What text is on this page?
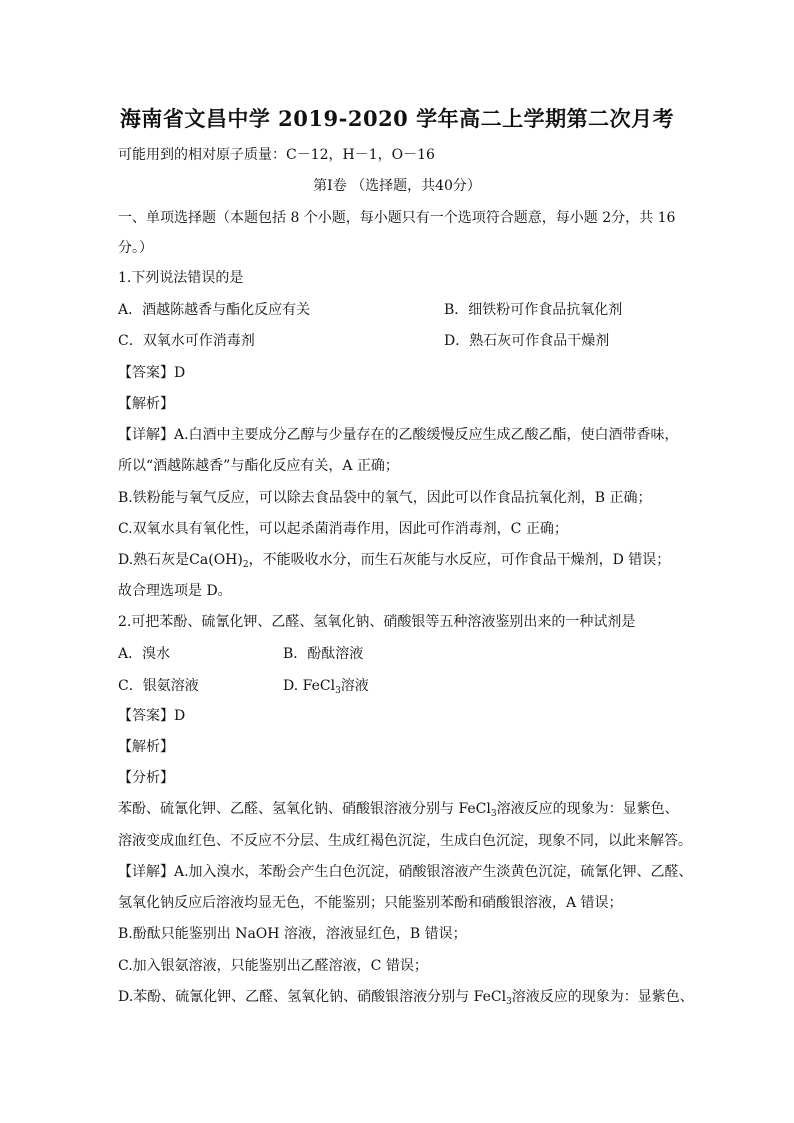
海南省文昌中学 2019-2020 学年高二上学期第二次月考
可能用到的相对原子质量：C－12，H－1，O－16
第Ⅰ卷 （选择题，共40分）
一、单项选择题（本题包括 8 个小题，每小题只有一个选项符合题意，每小题 2分，共 16
分。）
1.下列说法错误的是
A．酒越陈越香与酯化反应有关	B．细铁粉可作食品抗氧化剂
C．双氧水可作消毒剂	D．熟石灰可作食品干燥剂
【答案】D
【解析】
【详解】A.白酒中主要成分乙醇与少量存在的乙酸缓慢反应生成乙酸乙酯，使白酒带香味，
所以“酒越陈越香”与酯化反应有关，A 正确；
B.铁粉能与氧气反应，可以除去食品袋中的氧气，因此可以作食品抗氧化剂，B 正确；
C.双氧水具有氧化性，可以起杀菌消毒作用，因此可作消毒剂，C 正确；
D.熟石灰是$Ca(OH)_2$，不能吸收水分，而生石灰能与水反应，可作食品干燥剂，D 错误；
故合理选项是 D。
2.可把苯酚、硫氰化钾、乙醛、氢氧化钠、硝酸银等五种溶液鉴别出来的一种试剂是
A．溴水	B．酚酞溶液
C．银氨溶液	D. FeCl$_3$溶液
【答案】D
【解析】
【分析】
苯酚、硫氰化钾、乙醛、氢氧化钠、硝酸银溶液分别与 FeCl$_3$溶液反应的现象为：显紫色、
溶液变成血红色、不反应不分层、生成红褐色沉淀，生成白色沉淀，现象不同，以此来解答。
【详解】A.加入溴水，苯酚会产生白色沉淀，硝酸银溶液产生淡黄色沉淀，硫氰化钾、乙醛、
氢氧化钠反应后溶液均显无色，不能鉴别；只能鉴别苯酚和硝酸银溶液，A 错误；
B.酚酞只能鉴别出 NaOH 溶液，溶液显红色，B 错误；
C.加入银氨溶液，只能鉴别出乙醛溶液，C 错误；
D.苯酚、硫氰化钾、乙醛、氢氧化钠、硝酸银溶液分别与 FeCl$_3$溶液反应的现象为：显紫色、
